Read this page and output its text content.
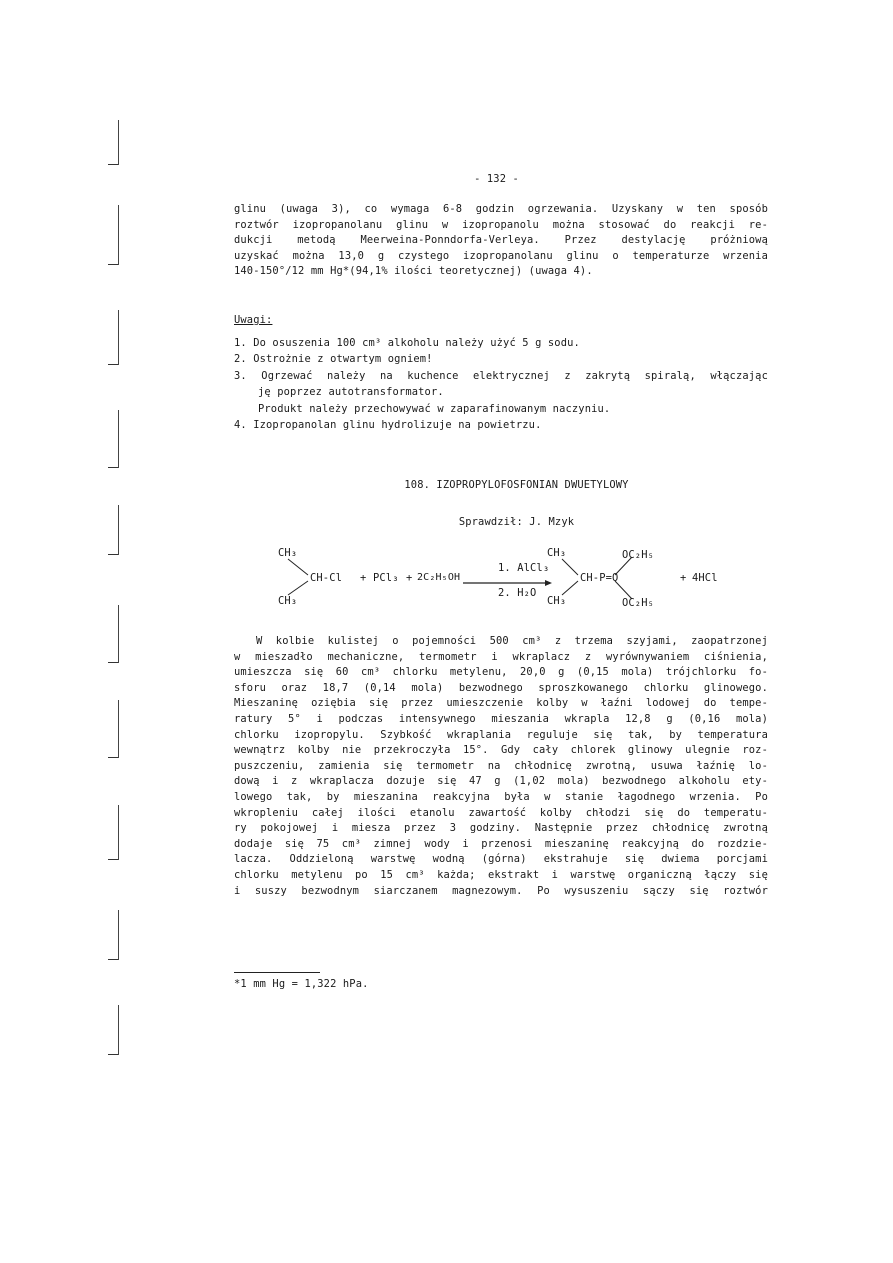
- 132 -
glinu (uwaga 3), co wymaga 6-8 godzin ogrzewania. Uzyskany w ten sposób
roztwór izopropanolanu glinu w izopropanolu można stosować do reakcji re-
dukcji metodą Meerweina-Ponndorfa-Verleya. Przez destylację próżniową
uzyskać można 13,0 g czystego izopropanolanu glinu o temperaturze wrzenia
140-150°/12 mm Hg*(94,1% ilości teoretycznej) (uwaga 4).
Uwagi:
1. Do osuszenia 100 cm³ alkoholu należy użyć 5 g sodu.
2. Ostrożnie z otwartym ogniem!
3. Ogrzewać należy na kuchence elektrycznej z zakrytą spiralą, włączając
ję poprzez autotransformator.
Produkt należy przechowywać w zaparafinowanym naczyniu.
4. Izopropanolan glinu hydrolizuje na powietrzu.
108. IZOPROPYLOFOSFONIAN DWUETYLOWY
Sprawdził: J. Mzyk
CH₃
CH-Cl
CH₃
+ PCl₃ + 2C₂H₅OH
1. AlCl₃
2. H₂O
CH₃
CH-P=O
CH₃
OC₂H₅
OC₂H₅
+ 4HCl
W kolbie kulistej o pojemności 500 cm³ z trzema szyjami, zaopatrzonej
w mieszadło mechaniczne, termometr i wkraplacz z wyrównywaniem ciśnienia,
umieszcza się 60 cm³ chlorku metylenu, 20,0 g (0,15 mola) trójchlorku fo-
sforu oraz 18,7 (0,14 mola) bezwodnego sproszkowanego chlorku glinowego.
Mieszaninę oziębia się przez umieszczenie kolby w łaźni lodowej do tempe-
ratury 5° i podczas intensywnego mieszania wkrapla 12,8 g (0,16 mola)
chlorku izopropylu. Szybkość wkraplania reguluje się tak, by temperatura
wewnątrz kolby nie przekroczyła 15°. Gdy cały chlorek glinowy ulegnie roz-
puszczeniu, zamienia się termometr na chłodnicę zwrotną, usuwa łaźnię lo-
dową i z wkraplacza dozuje się 47 g (1,02 mola) bezwodnego alkoholu ety-
lowego tak, by mieszanina reakcyjna była w stanie łagodnego wrzenia. Po
wkropleniu całej ilości etanolu zawartość kolby chłodzi się do temperatu-
ry pokojowej i miesza przez 3 godziny. Następnie przez chłodnicę zwrotną
dodaje się 75 cm³ zimnej wody i przenosi mieszaninę reakcyjną do rozdzie-
lacza. Oddzieloną warstwę wodną (górna) ekstrahuje się dwiema porcjami
chlorku metylenu po 15 cm³ każda; ekstrakt i warstwę organiczną łączy się
i suszy bezwodnym siarczanem magnezowym. Po wysuszeniu sączy się roztwór
*1 mm Hg = 1,322 hPa.
